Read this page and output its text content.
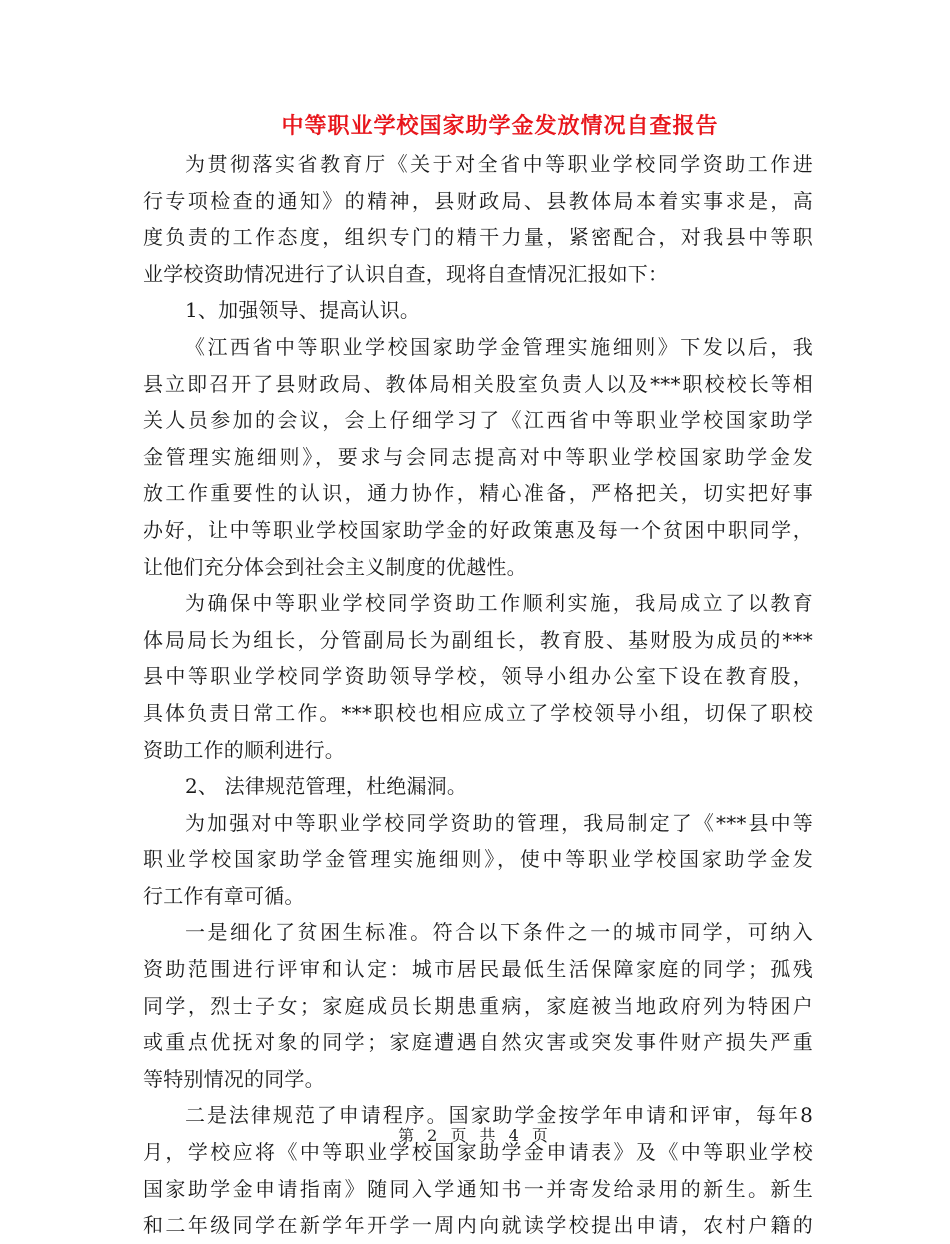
中等职业学校国家助学金发放情况自查报告
为贯彻落实省教育厅《关于对全省中等职业学校同学资助工作进
行专项检查的通知》的精神，县财政局、县教体局本着实事求是，高
度负责的工作态度，组织专门的精干力量，紧密配合，对我县中等职
业学校资助情况进行了认识自查，现将自查情况汇报如下：
1、加强领导、提高认识。
《江西省中等职业学校国家助学金管理实施细则》下发以后，我
县立即召开了县财政局、教体局相关股室负责人以及***职校校长等相
关人员参加的会议，会上仔细学习了《江西省中等职业学校国家助学
金管理实施细则》，要求与会同志提高对中等职业学校国家助学金发
放工作重要性的认识，通力协作，精心准备，严格把关，切实把好事
办好，让中等职业学校国家助学金的好政策惠及每一个贫困中职同学，
让他们充分体会到社会主义制度的优越性。
为确保中等职业学校同学资助工作顺利实施，我局成立了以教育
体局局长为组长，分管副局长为副组长，教育股、基财股为成员的***
县中等职业学校同学资助领导学校，领导小组办公室下设在教育股，
具体负责日常工作。***职校也相应成立了学校领导小组，切保了职校
资助工作的顺利进行。
2、 法律规范管理，杜绝漏洞。
为加强对中等职业学校同学资助的管理，我局制定了《***县中等
职业学校国家助学金管理实施细则》，使中等职业学校国家助学金发
行工作有章可循。
一是细化了贫困生标准。符合以下条件之一的城市同学，可纳入
资助范围进行评审和认定：城市居民最低生活保障家庭的同学；孤残
同学，烈士子女；家庭成员长期患重病，家庭被当地政府列为特困户
或重点优抚对象的同学；家庭遭遇自然灾害或突发事件财产损失严重
等特别情况的同学。
二是法律规范了申请程序。国家助学金按学年申请和评审，每年8
月，学校应将《中等职业学校国家助学金申请表》及《中等职业学校
国家助学金申请指南》随同入学通知书一并寄发给录用的新生。新生
和二年级同学在新学年开学一周内向就读学校提出申请，农村户籍的
第 2 页 共 4 页
